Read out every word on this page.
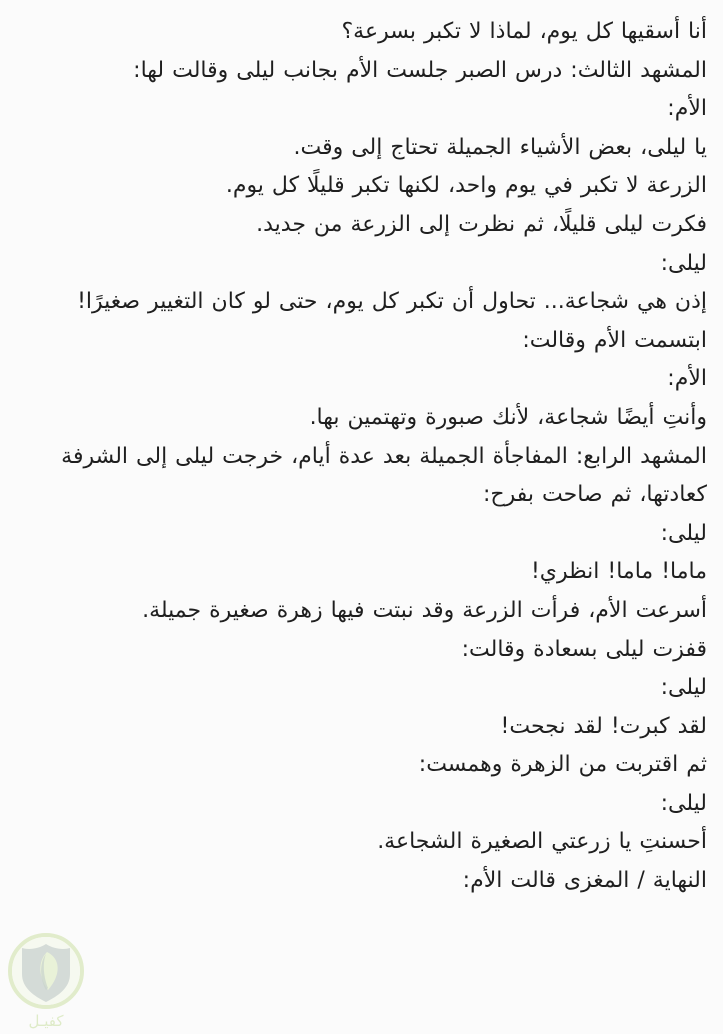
أنا أسقيها كل يوم، لماذا لا تكبر بسرعة؟

المشهد الثالث: درس الصبر جلست الأم بجانب ليلى وقالت لها:

الأم:

يا ليلى، بعض الأشياء الجميلة تحتاج إلى وقت.

الزرعة لا تكبر في يوم واحد، لكنها تكبر قليلًا كل يوم.

فكرت ليلى قليلًا، ثم نظرت إلى الزرعة من جديد.

ليلى:

إذن هي شجاعة... تحاول أن تكبر كل يوم، حتى لو كان التغيير صغيرًا!

ابتسمت الأم وقالت:

الأم:

وأنتِ أيضًا شجاعة، لأنك صبورة وتهتمين بها.

المشهد الرابع: المفاجأة الجميلة بعد عدة أيام، خرجت ليلى إلى الشرفة كعادتها، ثم صاحت بفرح:

ليلى:

ماما! ماما! انظري!

أسرعت الأم، فرأت الزرعة وقد نبتت فيها زهرة صغيرة جميلة.

قفزت ليلى بسعادة وقالت:

ليلى:

لقد كبرت! لقد نجحت!

ثم اقتربت من الزهرة وهمست:

ليلى:

أحسنتِ يا زرعتي الصغيرة الشجاعة.

النهاية / المغزى قالت الأم:

كفيـل
